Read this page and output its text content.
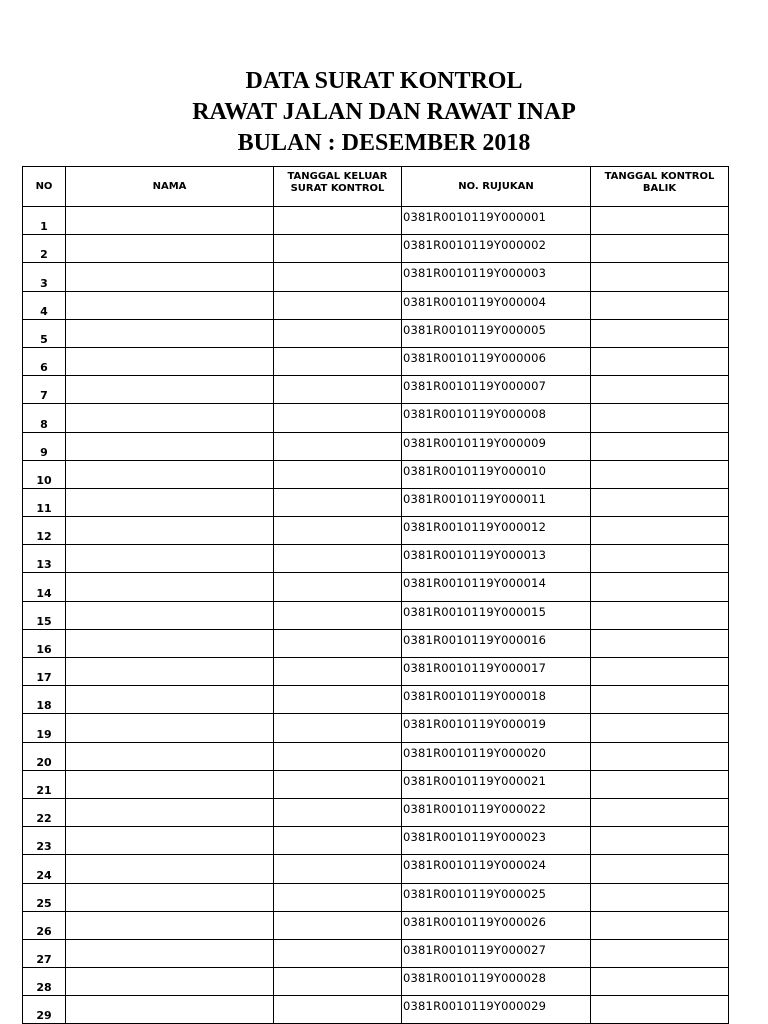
DATA SURAT KONTROL
RAWAT JALAN DAN RAWAT INAP
BULAN : DESEMBER 2018
NO	NAMA	TANGGAL KELUAR SURAT KONTROL	NO. RUJUKAN	TANGGAL KONTROL BALIK
1			0381R0010119Y000001	
2			0381R0010119Y000002	
3			0381R0010119Y000003	
4			0381R0010119Y000004	
5			0381R0010119Y000005	
6			0381R0010119Y000006	
7			0381R0010119Y000007	
8			0381R0010119Y000008	
9			0381R0010119Y000009	
10			0381R0010119Y000010	
11			0381R0010119Y000011	
12			0381R0010119Y000012	
13			0381R0010119Y000013	
14			0381R0010119Y000014	
15			0381R0010119Y000015	
16			0381R0010119Y000016	
17			0381R0010119Y000017	
18			0381R0010119Y000018	
19			0381R0010119Y000019	
20			0381R0010119Y000020	
21			0381R0010119Y000021	
22			0381R0010119Y000022	
23			0381R0010119Y000023	
24			0381R0010119Y000024	
25			0381R0010119Y000025	
26			0381R0010119Y000026	
27			0381R0010119Y000027	
28			0381R0010119Y000028	
29			0381R0010119Y000029	
